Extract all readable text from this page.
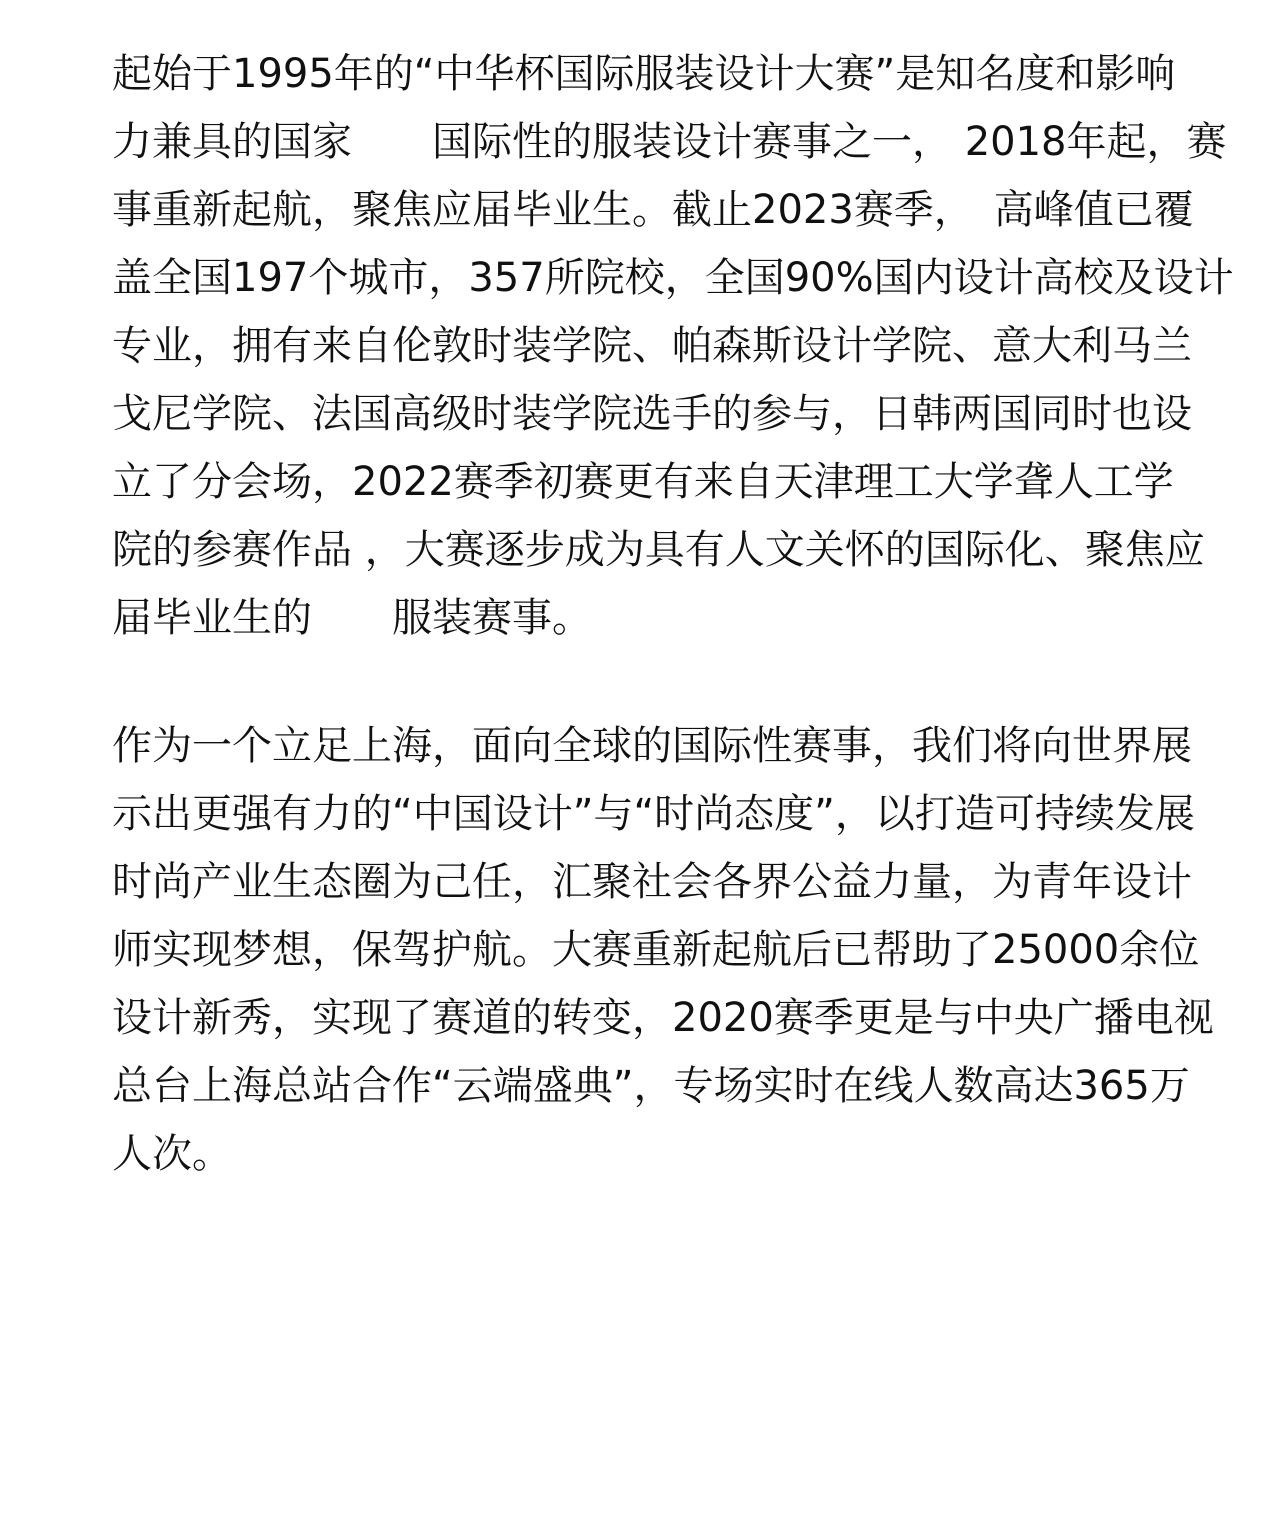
起始于1995年的“中华杯国际服装设计大赛”是知名度和影响
力兼具的国家　　国际性的服装设计赛事之一， 2018年起，赛
事重新起航，聚焦应届毕业生。截止2023赛季，　高峰值已覆
盖全国197个城市，357所院校，全国90%国内设计高校及设计
专业，拥有来自伦敦时装学院、帕森斯设计学院、意大利马兰
戈尼学院、法国高级时装学院选手的参与，日韩两国同时也设
立了分会场，2022赛季初赛更有来自天津理工大学聋人工学
院的参赛作品 ，大赛逐步成为具有人文关怀的国际化、聚焦应
届毕业生的　　服装赛事。

作为一个立足上海，面向全球的国际性赛事，我们将向世界展
示出更强有力的“中国设计”与“时尚态度”，以打造可持续发展
时尚产业生态圈为己任，汇聚社会各界公益力量，为青年设计
师实现梦想，保驾护航。大赛重新起航后已帮助了25000余位
设计新秀，实现了赛道的转变，2020赛季更是与中央广播电视
总台上海总站合作“云端盛典”，专场实时在线人数高达365万
人次。
